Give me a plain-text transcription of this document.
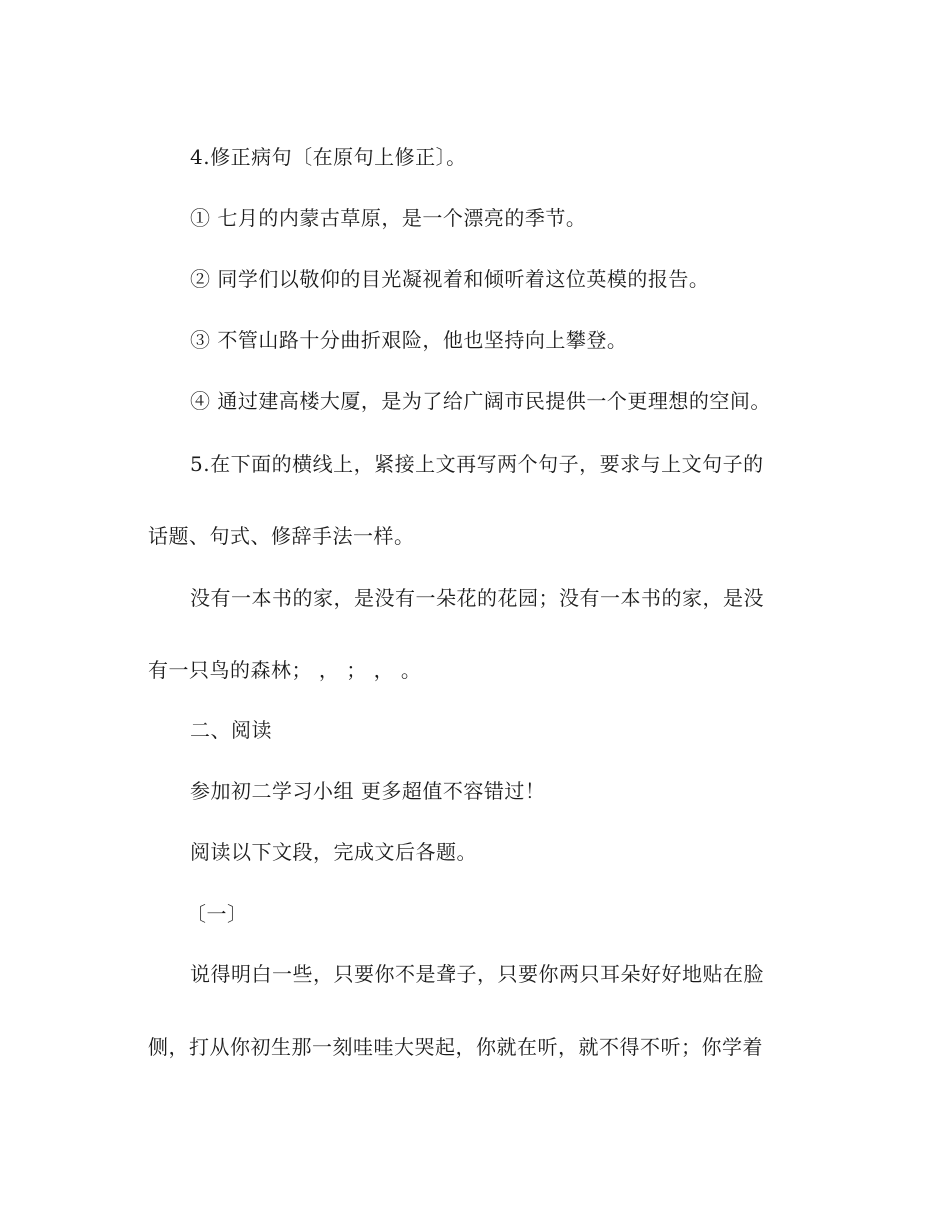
4.修正病句〔在原句上修正〕。
① 七月的内蒙古草原，是一个漂亮的季节。
② 同学们以敬仰的目光凝视着和倾听着这位英模的报告。
③ 不管山路十分曲折艰险，他也坚持向上攀登。
④ 通过建高楼大厦，是为了给广阔市民提供一个更理想的空间。
5.在下面的横线上，紧接上文再写两个句子，要求与上文句子的
话题、句式、修辞手法一样。
没有一本书的家，是没有一朵花的花园；没有一本书的家，是没
有一只鸟的森林； ， ； ， 。
二、阅读
参加初二学习小组 更多超值不容错过！
阅读以下文段，完成文后各题。
〔一〕
说得明白一些，只要你不是聋子，只要你两只耳朵好好地贴在脸
侧，打从你初生那一刻哇哇大哭起，你就在听，就不得不听；你学着
